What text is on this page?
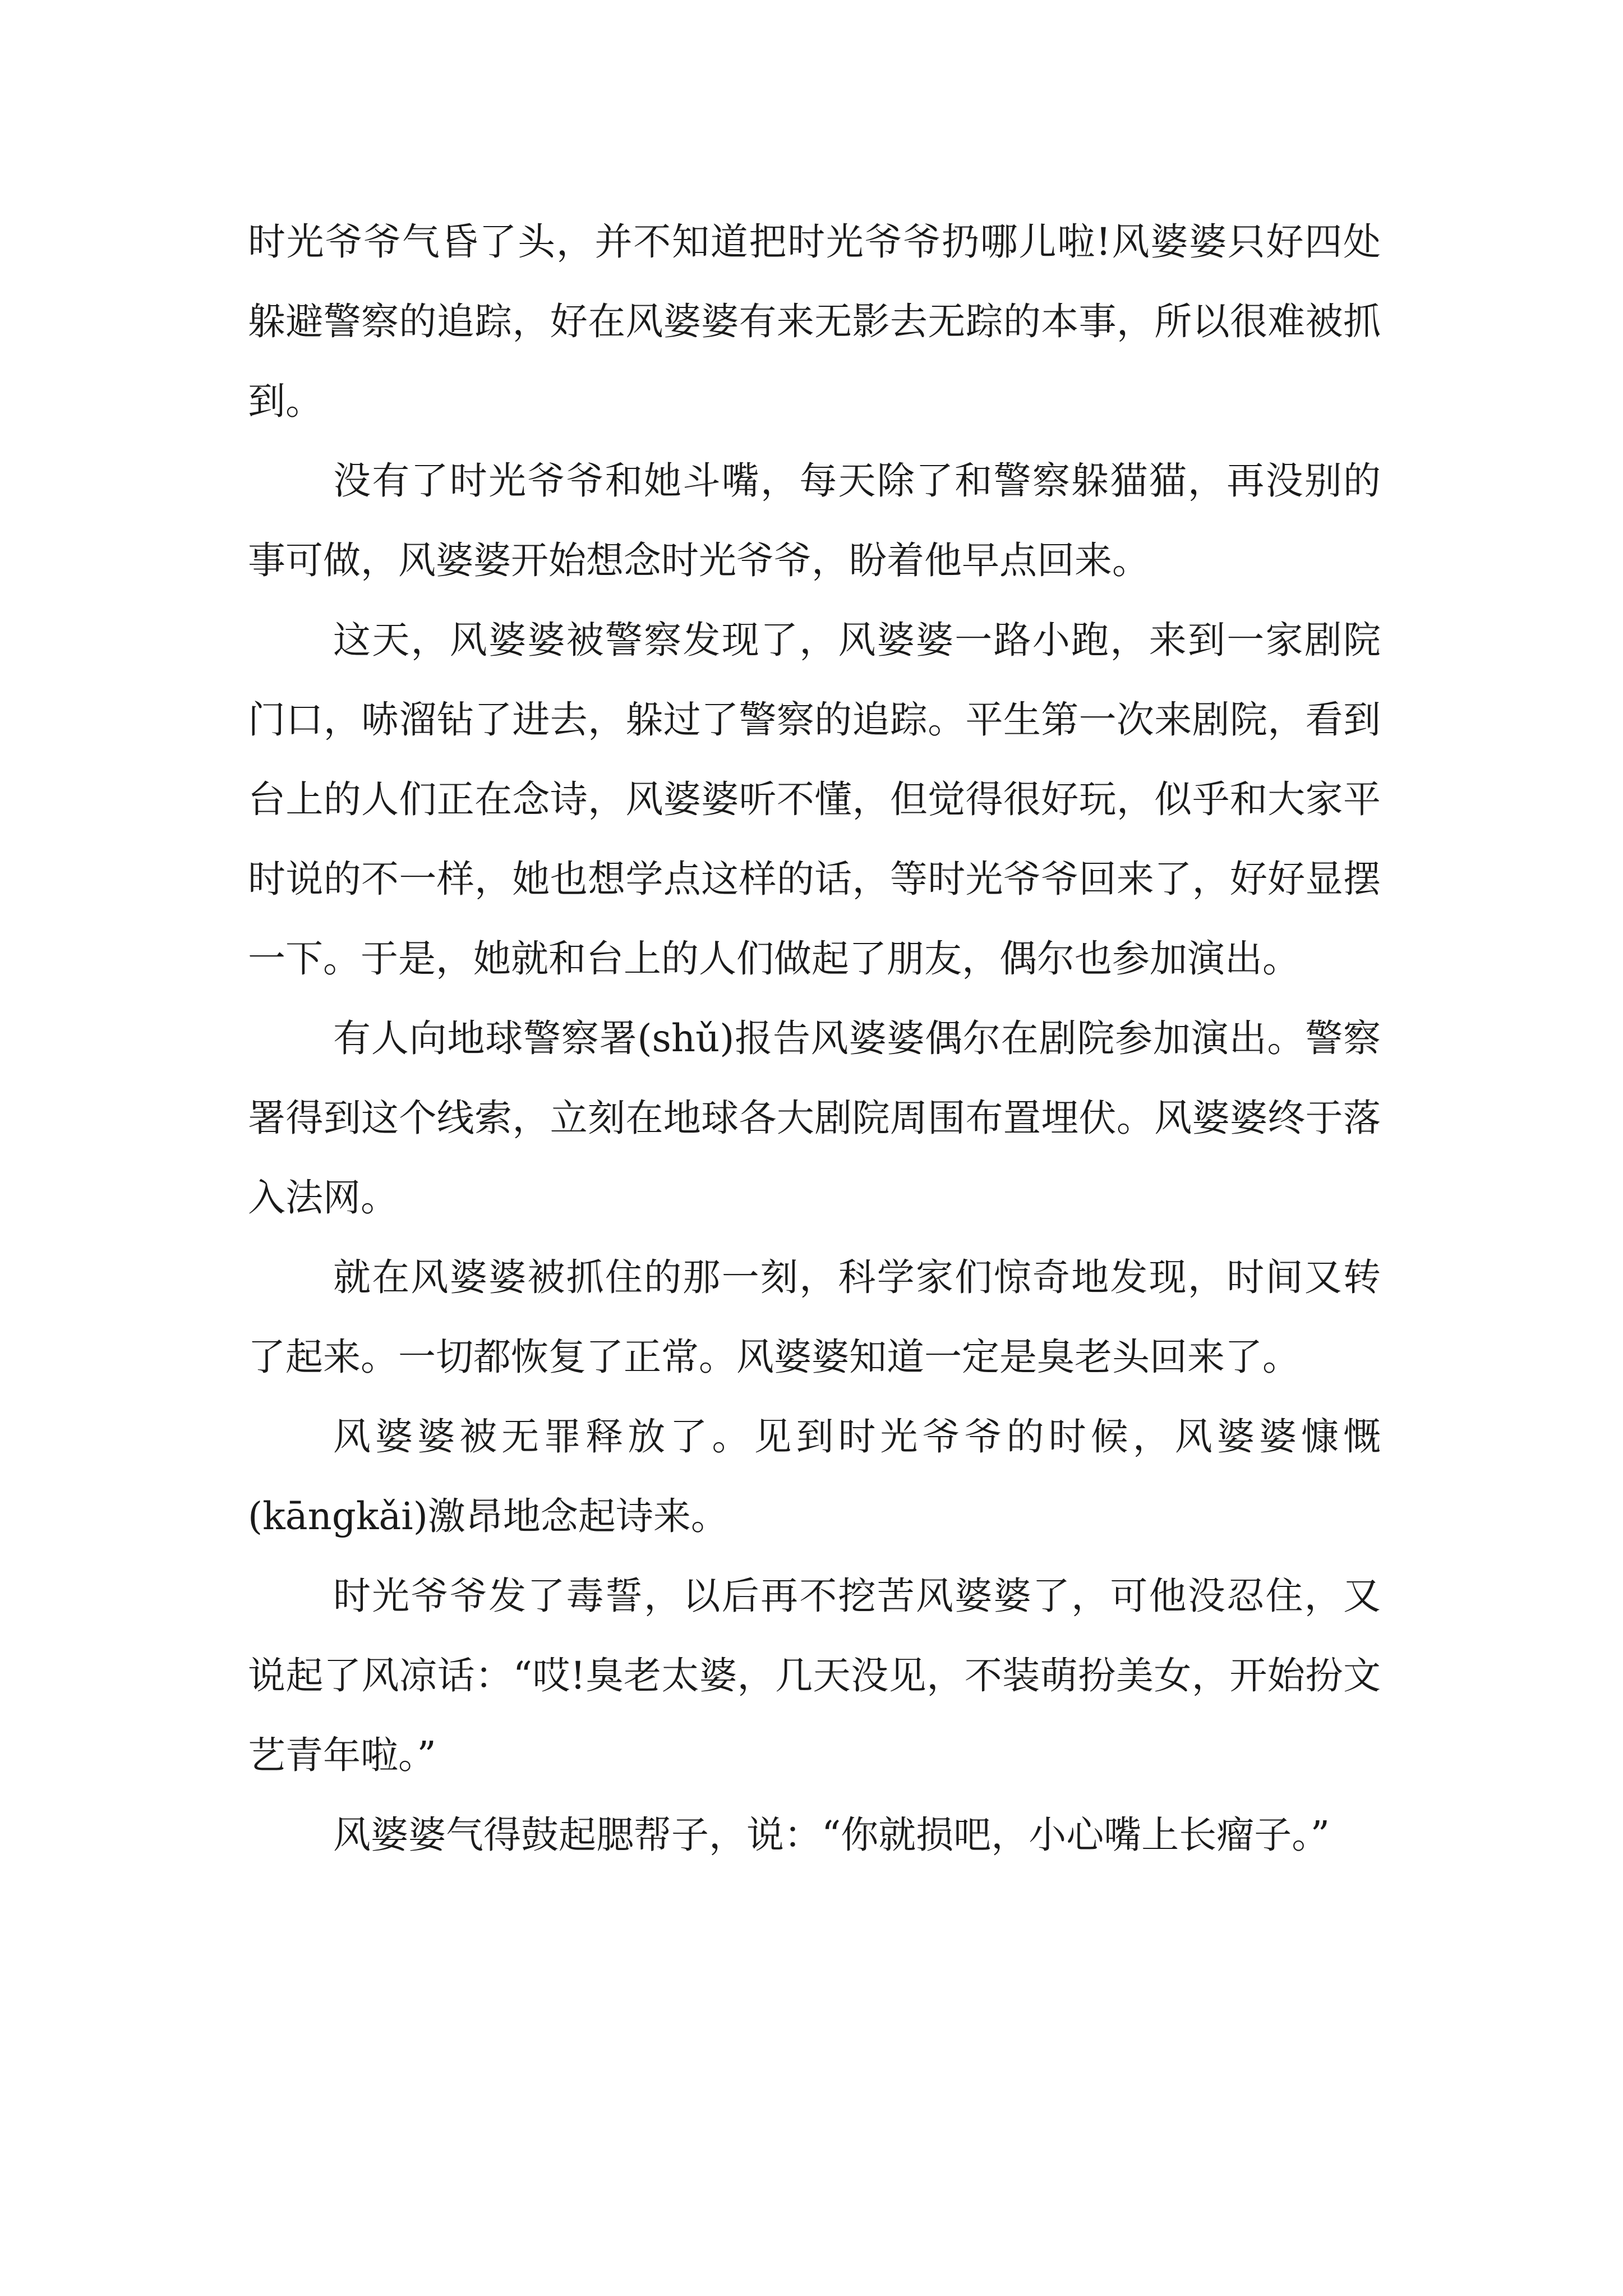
时光爷爷气昏了头，并不知道把时光爷爷扔哪儿啦!风婆婆只好四处躲避警察的追踪，好在风婆婆有来无影去无踪的本事，所以很难被抓到。

没有了时光爷爷和她斗嘴，每天除了和警察躲猫猫，再没别的事可做，风婆婆开始想念时光爷爷，盼着他早点回来。

这天，风婆婆被警察发现了，风婆婆一路小跑，来到一家剧院门口，哧溜钻了进去，躲过了警察的追踪。平生第一次来剧院，看到台上的人们正在念诗，风婆婆听不懂，但觉得很好玩，似乎和大家平时说的不一样，她也想学点这样的话，等时光爷爷回来了，好好显摆一下。于是，她就和台上的人们做起了朋友，偶尔也参加演出。

有人向地球警察署(shǔ)报告风婆婆偶尔在剧院参加演出。警察署得到这个线索，立刻在地球各大剧院周围布置埋伏。风婆婆终于落入法网。

就在风婆婆被抓住的那一刻，科学家们惊奇地发现，时间又转了起来。一切都恢复了正常。风婆婆知道一定是臭老头回来了。

风婆婆被无罪释放了。见到时光爷爷的时候，风婆婆慷慨(kāngkǎi)激昂地念起诗来。

时光爷爷发了毒誓，以后再不挖苦风婆婆了，可他没忍住，又说起了风凉话：“哎!臭老太婆，几天没见，不装萌扮美女，开始扮文艺青年啦。”

风婆婆气得鼓起腮帮子，说：“你就损吧，小心嘴上长瘤子。”
